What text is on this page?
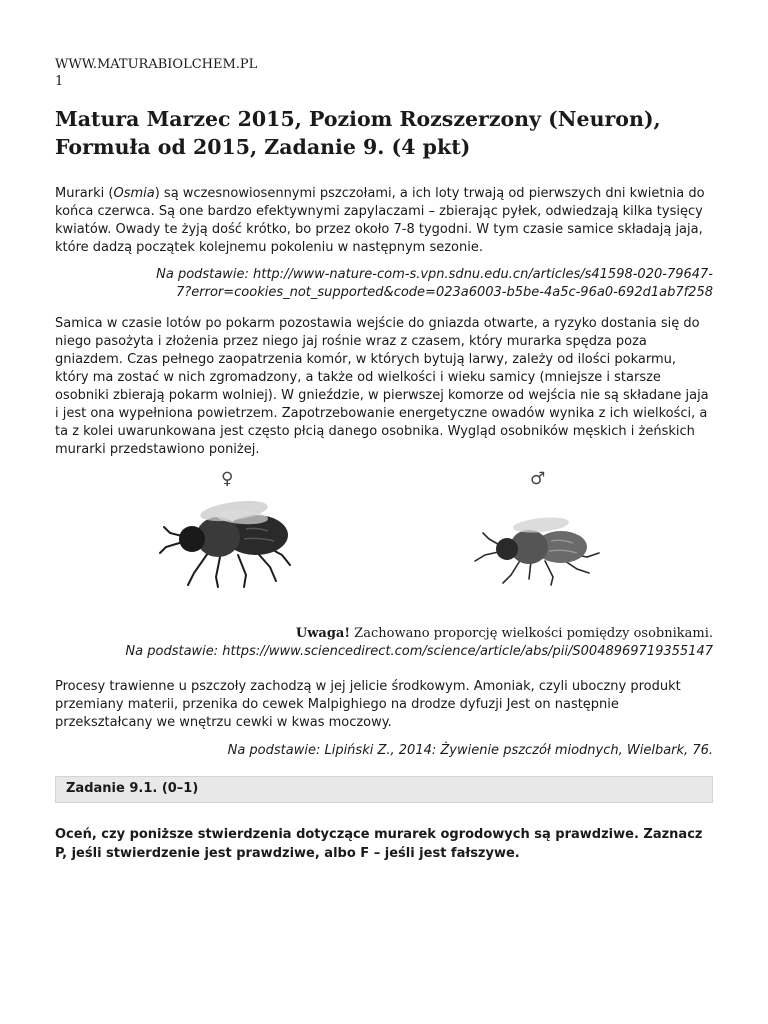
WWW.MATURABIOLCHEM.PL
1
Matura Marzec 2015, Poziom Rozszerzony (Neuron),
Formuła od 2015, Zadanie 9. (4 pkt)

Murarki (Osmia) są wczesnowiosennymi pszczołami, a ich loty trwają od pierwszych dni kwietnia do końca czerwca. Są one bardzo efektywnymi zapylaczami – zbierając pyłek, odwiedzają kilka tysięcy kwiatów. Owady te żyją dość krótko, bo przez około 7-8 tygodni. W tym czasie samice składają jaja, które dadzą początek kolejnemu pokoleniu w następnym sezonie.

Na podstawie: http://www-nature-com-s.vpn.sdnu.edu.cn/articles/s41598-020-79647-
7?error=cookies_not_supported&code=023a6003-b5be-4a5c-96a0-692d1ab7f258

Samica w czasie lotów po pokarm pozostawia wejście do gniazda otwarte, a ryzyko dostania się do niego pasożyta i złożenia przez niego jaj rośnie wraz z czasem, który murarka spędza poza gniazdem. Czas pełnego zaopatrzenia komór, w których bytują larwy, zależy od ilości pokarmu, który ma zostać w nich zgromadzony, a także od wielkości i wieku samicy (mniejsze i starsze osobniki zbierają pokarm wolniej). W gnieździe, w pierwszej komorze od wejścia nie są składane jaja i jest ona wypełniona powietrzem. Zapotrzebowanie energetyczne owadów wynika z ich wielkości, a ta z kolei uwarunkowana jest często płcią danego osobnika. Wygląd osobników męskich i żeńskich murarki przedstawiono poniżej.

♀	♂
Uwaga! Zachowano proporcję wielkości pomiędzy osobnikami.

Na podstawie: https://www.sciencedirect.com/science/article/abs/pii/S0048969719355147

Procesy trawienne u pszczoły zachodzą w jej jelicie środkowym. Amoniak, czyli uboczny produkt przemiany materii, przenika do cewek Malpighiego na drodze dyfuzji Jest on następnie przekształcany we wnętrzu cewki w kwas moczowy.

Na podstawie: Lipiński Z., 2014: Żywienie pszczół miodnych, Wielbark, 76.

Zadanie 9.1. (0–1)
Oceń, czy poniższe stwierdzenia dotyczące murarek ogrodowych są prawdziwe. Zaznacz P, jeśli stwierdzenie jest prawdziwe, albo F – jeśli jest fałszywe.
